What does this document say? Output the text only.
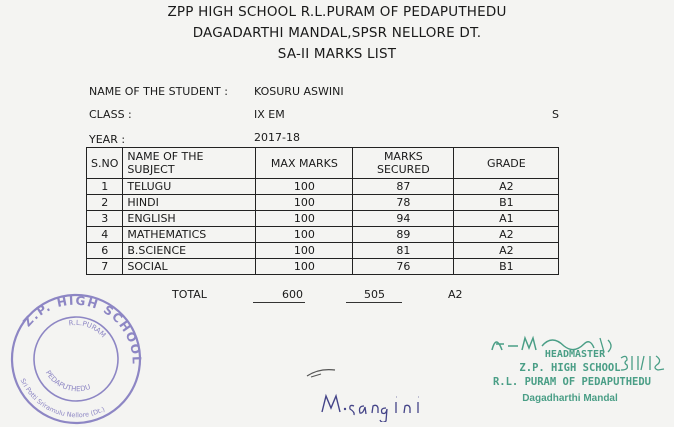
ZPP HIGH SCHOOL R.L.PURAM OF PEDAPUTHEDU
DAGADARTHI MANDAL,SPSR NELLORE DT.
SA-II MARKS LIST
NAME OF THE STUDENT : KOSURU ASWINI
CLASS :	IX EM	S
YEAR :	2017-18
S.NO	NAME OF THE SUBJECT	MAX MARKS	MARKS SECURED	GRADE
1	TELUGU	100	87	A2
2	HINDI	100	78	B1
3	ENGLISH	100	94	A1
4	MATHEMATICS	100	89	A2
6	B.SCIENCE	100	81	A2
7	SOCIAL	100	76	B1
TOTAL	600	505	A2
Z.P. HIGH SCHOOL
Sri Potti Sriramulu Nellore (Dt.)
R.L.PURAM
PEDAPUTHEDU
HEADMASTER
Z.P. HIGH SCHOOL
R.L. PURAM OF PEDAPUTHEDU
Dagadharthi Mandal
